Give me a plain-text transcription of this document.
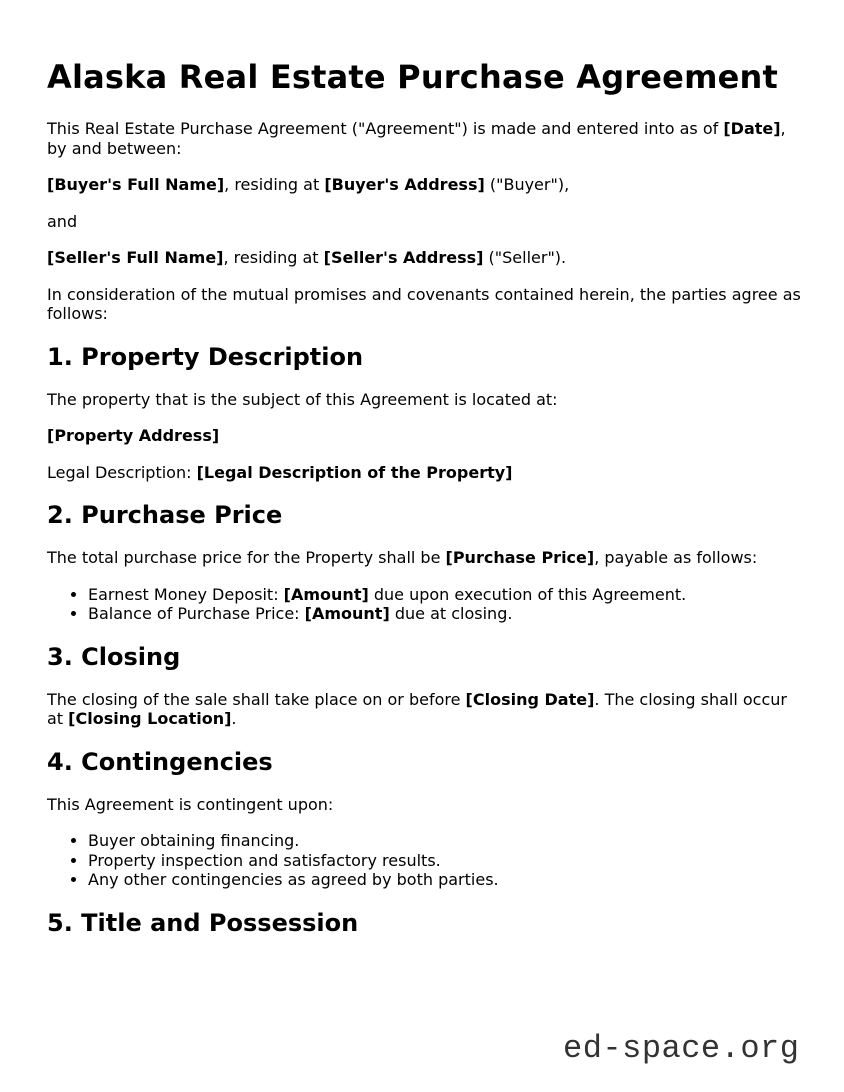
Alaska Real Estate Purchase Agreement

This Real Estate Purchase Agreement ("Agreement") is made and entered into as of [Date], by and between:

[Buyer's Full Name], residing at [Buyer's Address] ("Buyer"),

and

[Seller's Full Name], residing at [Seller's Address] ("Seller").

In consideration of the mutual promises and covenants contained herein, the parties agree as follows:

1. Property Description

The property that is the subject of this Agreement is located at:

[Property Address]

Legal Description: [Legal Description of the Property]

2. Purchase Price

The total purchase price for the Property shall be [Purchase Price], payable as follows:

• Earnest Money Deposit: [Amount] due upon execution of this Agreement.
• Balance of Purchase Price: [Amount] due at closing.
3. Closing

The closing of the sale shall take place on or before [Closing Date]. The closing shall occur at [Closing Location].

4. Contingencies

This Agreement is contingent upon:

• Buyer obtaining financing.
• Property inspection and satisfactory results.
• Any other contingencies as agreed by both parties.
5. Title and Possession
ed-space.org
